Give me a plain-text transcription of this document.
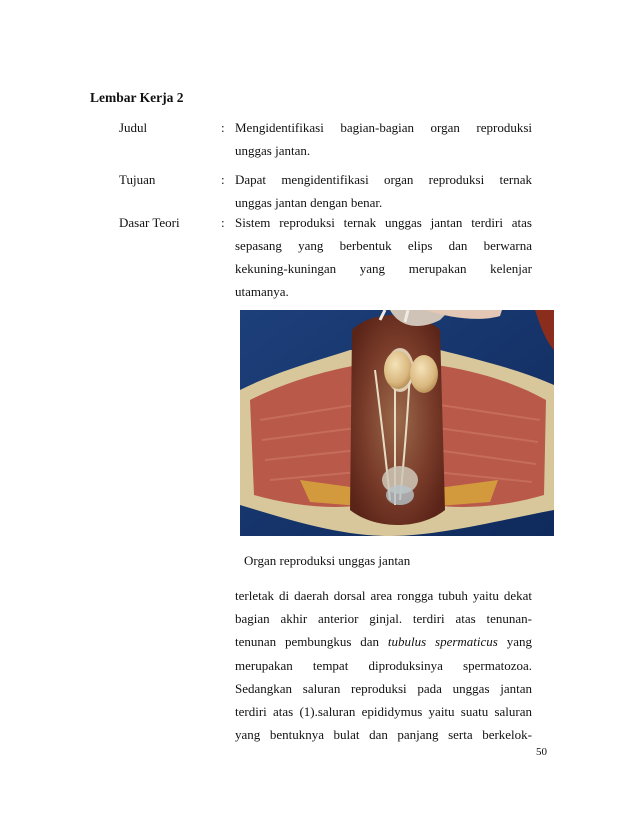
Lembar Kerja 2
Judul	: Mengidentifikasi bagian-bagian organ reproduksi
unggas jantan.
Tujuan	: Dapat mengidentifikasi organ reproduksi ternak
unggas jantan dengan benar.
Dasar Teori	: Sistem reproduksi ternak unggas jantan terdiri atas
sepasang yang berbentuk elips dan berwarna
kekuning-kuningan yang merupakan kelenjar
utamanya.
Organ reproduksi unggas jantan
terletak di daerah dorsal area rongga tubuh yaitu dekat
bagian akhir anterior ginjal. terdiri atas tenunan-
tenunan pembungkus dan tubulus spermaticus yang
merupakan tempat diproduksinya spermatozoa.
Sedangkan saluran reproduksi pada unggas jantan
terdiri atas (1).saluran epididymus yaitu suatu saluran
yang bentuknya bulat dan panjang serta berkelok-
50
